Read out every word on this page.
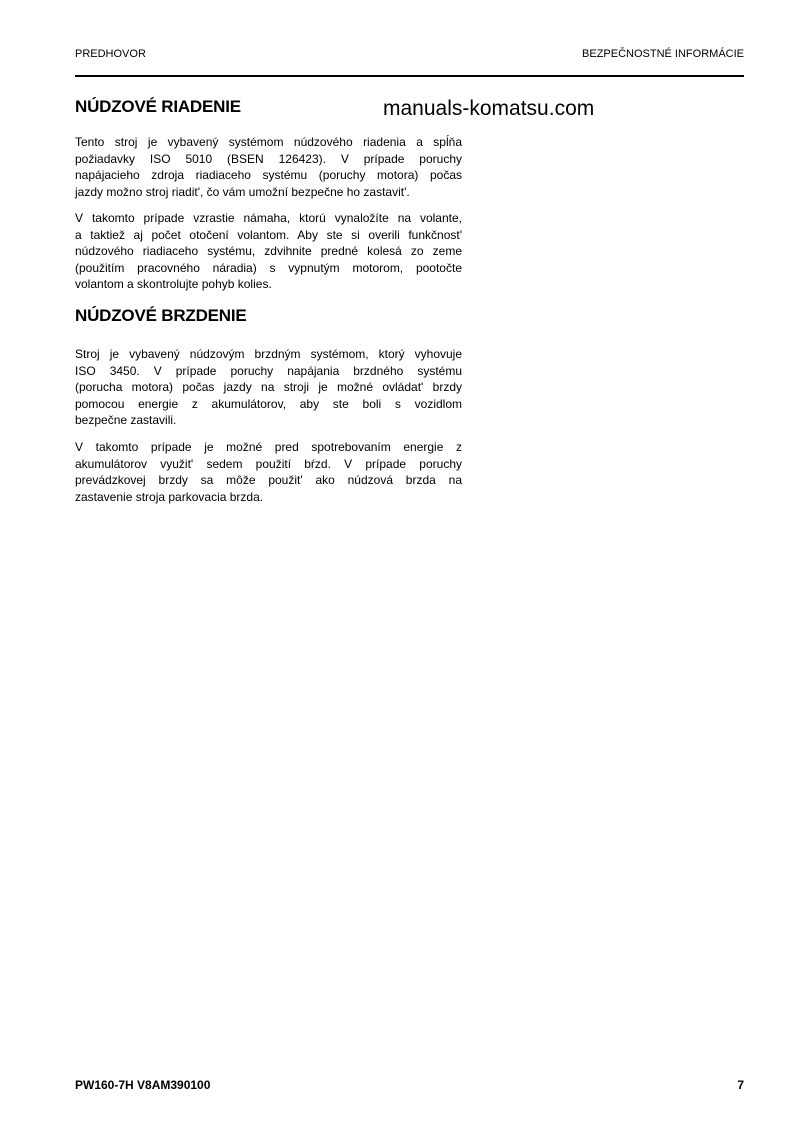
PREDHOVOR	BEZPEČNOSTNÉ INFORMÁCIE
NÚDZOVÉ RIADENIE	manuals-komatsu.com
Tento stroj je vybavený systémom núdzového riadenia a spĺňa
požiadavky ISO 5010 (BSEN 126423). V prípade poruchy
napájacieho zdroja riadiaceho systému (poruchy motora) počas
jazdy možno stroj riadit', čo vám umožní bezpečne ho zastavit'.
V takomto prípade vzrastie námaha, ktorú vynaložíte na volante,
a taktiež aj počet otočení volantom. Aby ste si overili funkčnost'
núdzového riadiaceho systému, zdvihnite predné kolesá zo zeme
(použitím pracovného náradia) s vypnutým motorom, pootočte
volantom a skontrolujte pohyb kolies.
NÚDZOVÉ BRZDENIE
Stroj je vybavený núdzovým brzdným systémom, ktorý vyhovuje
ISO 3450. V prípade poruchy napájania brzdného systému
(porucha motora) počas jazdy na stroji je možné ovládat' brzdy
pomocou energie z akumulátorov, aby ste boli s vozidlom
bezpečne zastavili.
V takomto prípade je možné pred spotrebovaním energie z
akumulátorov využit' sedem použití bŕzd. V prípade poruchy
prevádzkovej brzdy sa môže použit' ako núdzová brzda na
zastavenie stroja parkovacia brzda.
PW160-7H V8AM390100	7
